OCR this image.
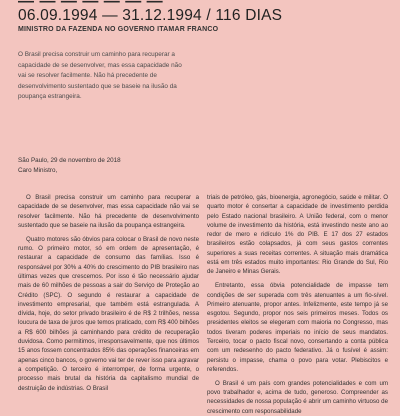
— — — — — — —
06.09.1994 — 31.12.1994 / 116 DIAS
MINISTRO DA FAZENDA NO GOVERNO ITAMAR FRANCO

O Brasil precisa construir um caminho para recuperar a capacidade de se desenvolver, mas essa capacidade não vai se resolver facilmente. Não há precedente de desenvolvimento sustentado que se baseie na ilusão da poupança estrangeira.

São Paulo, 29 de novembro de 2018

Caro Ministro,

O Brasil precisa construir um caminho para recuperar a capacidade de se desenvolver, mas essa capacidade não vai se resolver facilmente. Não há precedente de desenvolvimento sustentado que se baseie na ilusão da poupança estrangeira.

Quatro motores são óbvios para colocar o Brasil de novo neste rumo. O primeiro motor, só em ordem de apresentação, é restaurar a capacidade de consumo das famílias. Isso é responsável por 30% a 40% do crescimento do PIB brasileiro nas últimas vezes que crescemos. Por isso é tão necessário ajudar mais de 60 milhões de pessoas a sair do Serviço de Proteção ao Crédito (SPC). O segundo é restaurar a capacidade de investimento empresarial, que também está estrangulada. A dívida, hoje, do setor privado brasileiro é de R$ 2 trilhões, nessa loucura de taxa de juros que temos praticado, com R$ 400 bilhões a R$ 600 bilhões já caminhando para crédito de recuperação duvidosa. Como permitimos, irresponsavelmente, que nos últimos 15 anos fossem concentrados 85% das operações financeiras em apenas cinco bancos, o governo vai ter de rever isso para agravar a competição. O terceiro é interromper, de forma urgente, o processo mais brutal da história da capitalismo mundial de destruição de indústrias. O Brasil

triais de petróleo, gás, bioenergia, agronegócio, saúde e militar. O quarto motor é consertar a capacidade de investimento perdida pelo Estado nacional brasileiro. A União federal, com o menor volume de investimento da história, está investindo neste ano ao redor de mero e ridículo 1% do PIB. E 17 dos 27 estados brasileiros estão colapsados, já com seus gastos correntes superiores a suas receitas correntes. A situação mais dramática está em três estados muito importantes: Rio Grande do Sul, Rio de Janeiro e Minas Gerais.

Entretanto, essa óbvia potencialidade de impasse tem condições de ser superada com três atenuantes a um fio-sível. Primeiro atenuante, propor antes. Infelizmente, este tempo já se esgotou. Segundo, propor nos seis primeiros meses. Todos os presidentes eleitos se elegeram com maioria no Congresso, mas todos tiveram poderes imperiais no início de seus mandatos. Terceiro, tocar o pacto fiscal novo, consertando a conta pública com um redesenho do pacto federativo. Já o fusível é assim: persistu o impasse, chama o povo para votar. Plebiscitos e referendos.

O Brasil é um país com grandes potencialidades e com um povo trabalhador e, acima de tudo, generoso. Compreender as necessidades de nossa população é abrir um caminho virtuoso de crescimento com responsabilidade
